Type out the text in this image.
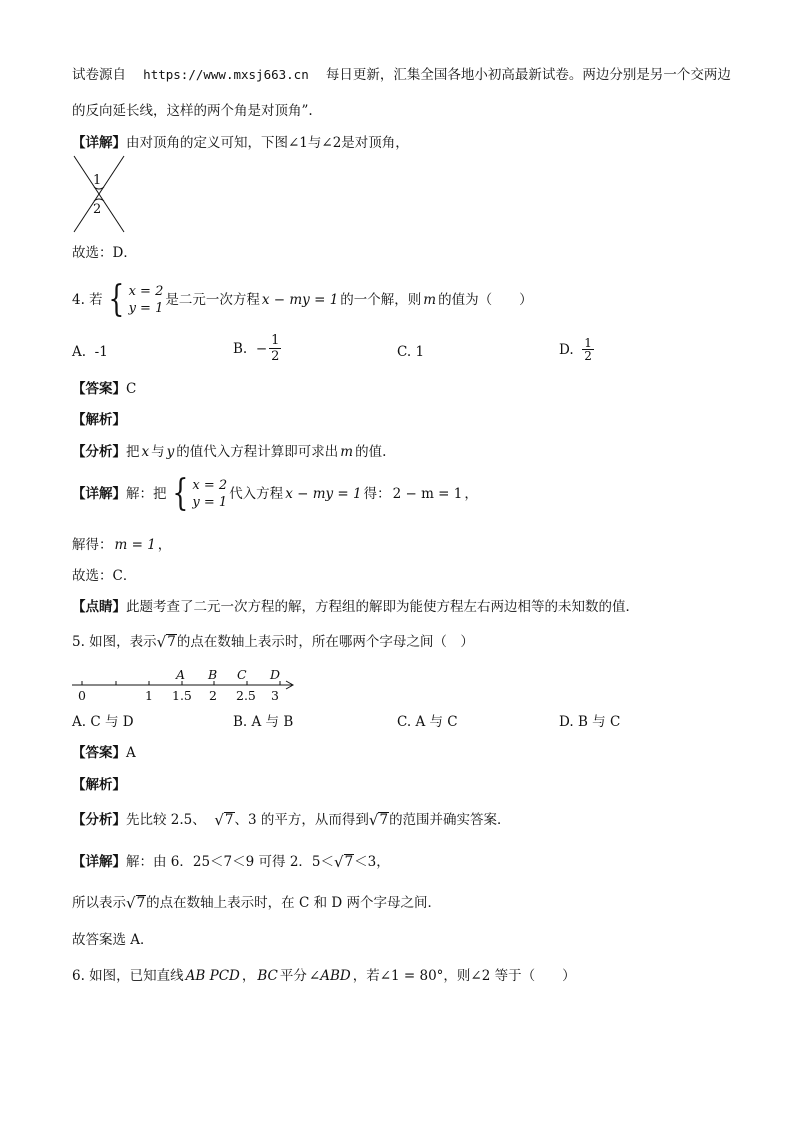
试卷源自 https://www.mxsj663.cn 每日更新，汇集全国各地小初高最新试卷。两边分别是另一个交两边
的反向延长线，这样的两个角是对顶角”.
【详解】由对顶角的定义可知，下图∠1与∠2是对顶角，
1
2
故选：D．
4. 若 { x = 2
y = 1
是二元一次方程 x − my = 1 的一个解，则 m 的值为（　　）
A. -1	B.
− $\frac{1}{2}$	C. 1	D.
$\frac{1}{2}$
【答案】C
【解析】
【分析】把 x 与 y 的值代入方程计算即可求出 m 的值.
【详解】 解：把 { x = 2
y = 1
代入方程 x − my = 1 得： 2 − m = 1 ，
解得： m = 1 ，
故选：C．
【点睛】此题考查了二元一次方程的解，方程组的解即为能使方程左右两边相等的未知数的值．
5. 如图，表示 √ 7 的点在数轴上表示时，所在哪两个字母之间（　）
A B C D
0	1 1.5 2 2.5 3
A. C 与 D	B. A 与 B	C. A 与 C	D. B 与 C
【答案】A
【解析】
【分析】 先比较 2.5、
√ 7 、3 的平方，从而得到 √ 7 的范围并确实答案．
【详解】 解：由 6．25＜7＜9 可得 2．5＜ √ 7 ＜3，
所以表示 √ 7 的点在数轴上表示时，在 C 和 D 两个字母之间．
故答案选 A．
6. 如图，已知直线 AB PCD ， BC 平分 ∠ABD ，若∠1 = 80°，则∠2 等于（　　）
